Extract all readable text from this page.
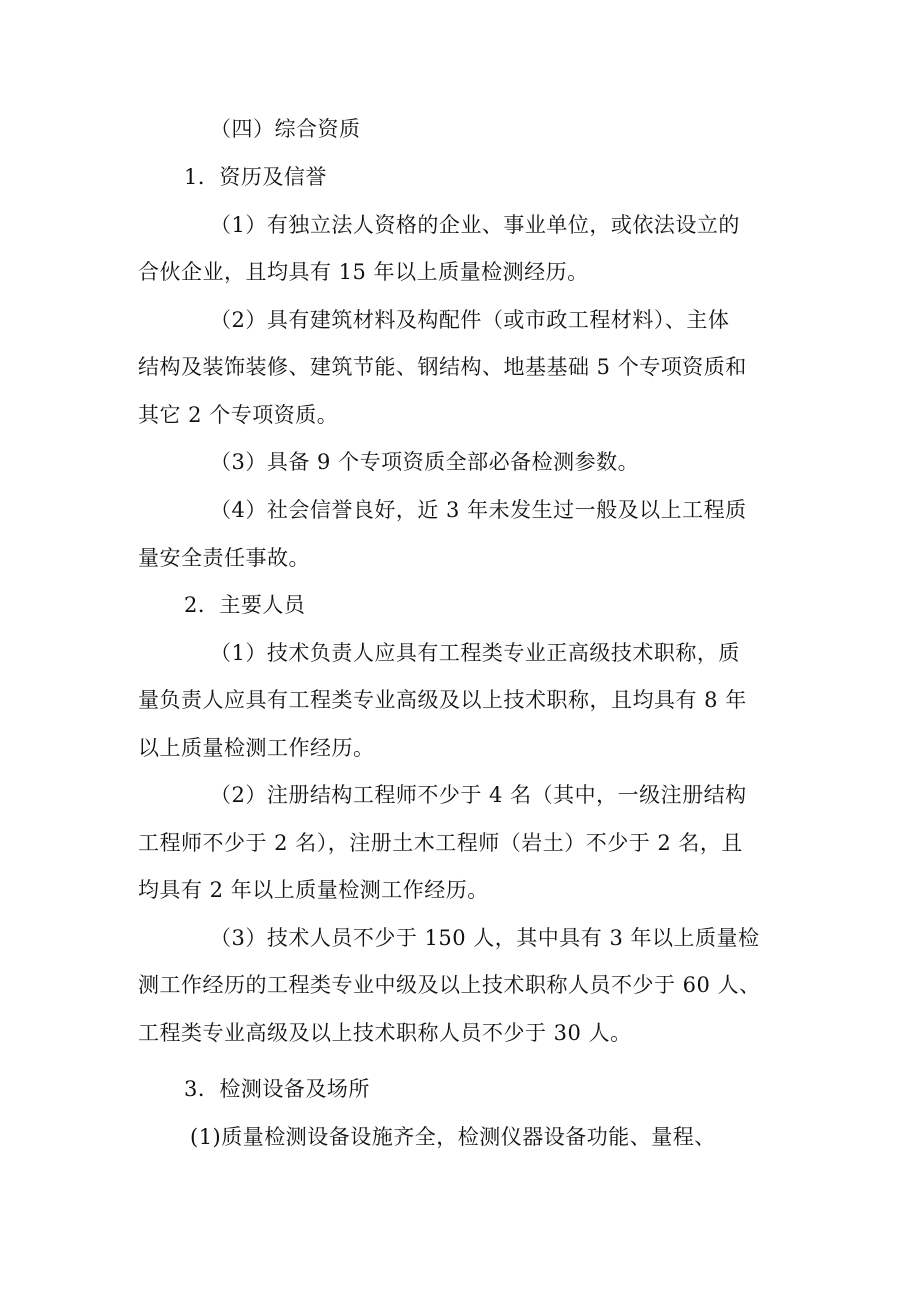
（四）综合资质
1．资历及信誉
（1）有独立法人资格的企业、事业单位，或依法设立的
合伙企业，且均具有 15 年以上质量检测经历。
（2）具有建筑材料及构配件（或市政工程材料）、主体
结构及装饰装修、建筑节能、钢结构、地基基础 5 个专项资质和
其它 2 个专项资质。
（3）具备 9 个专项资质全部必备检测参数。
（4）社会信誉良好，近 3 年未发生过一般及以上工程质
量安全责任事故。
2．主要人员
（1）技术负责人应具有工程类专业正高级技术职称，质
量负责人应具有工程类专业高级及以上技术职称，且均具有 8 年
以上质量检测工作经历。
（2）注册结构工程师不少于 4 名（其中，一级注册结构
工程师不少于 2 名），注册土木工程师（岩土）不少于 2 名，且
均具有 2 年以上质量检测工作经历。
（3）技术人员不少于 150 人，其中具有 3 年以上质量检
测工作经历的工程类专业中级及以上技术职称人员不少于 60 人、
工程类专业高级及以上技术职称人员不少于 30 人。
3．检测设备及场所
(1)质量检测设备设施齐全，检测仪器设备功能、量程、
